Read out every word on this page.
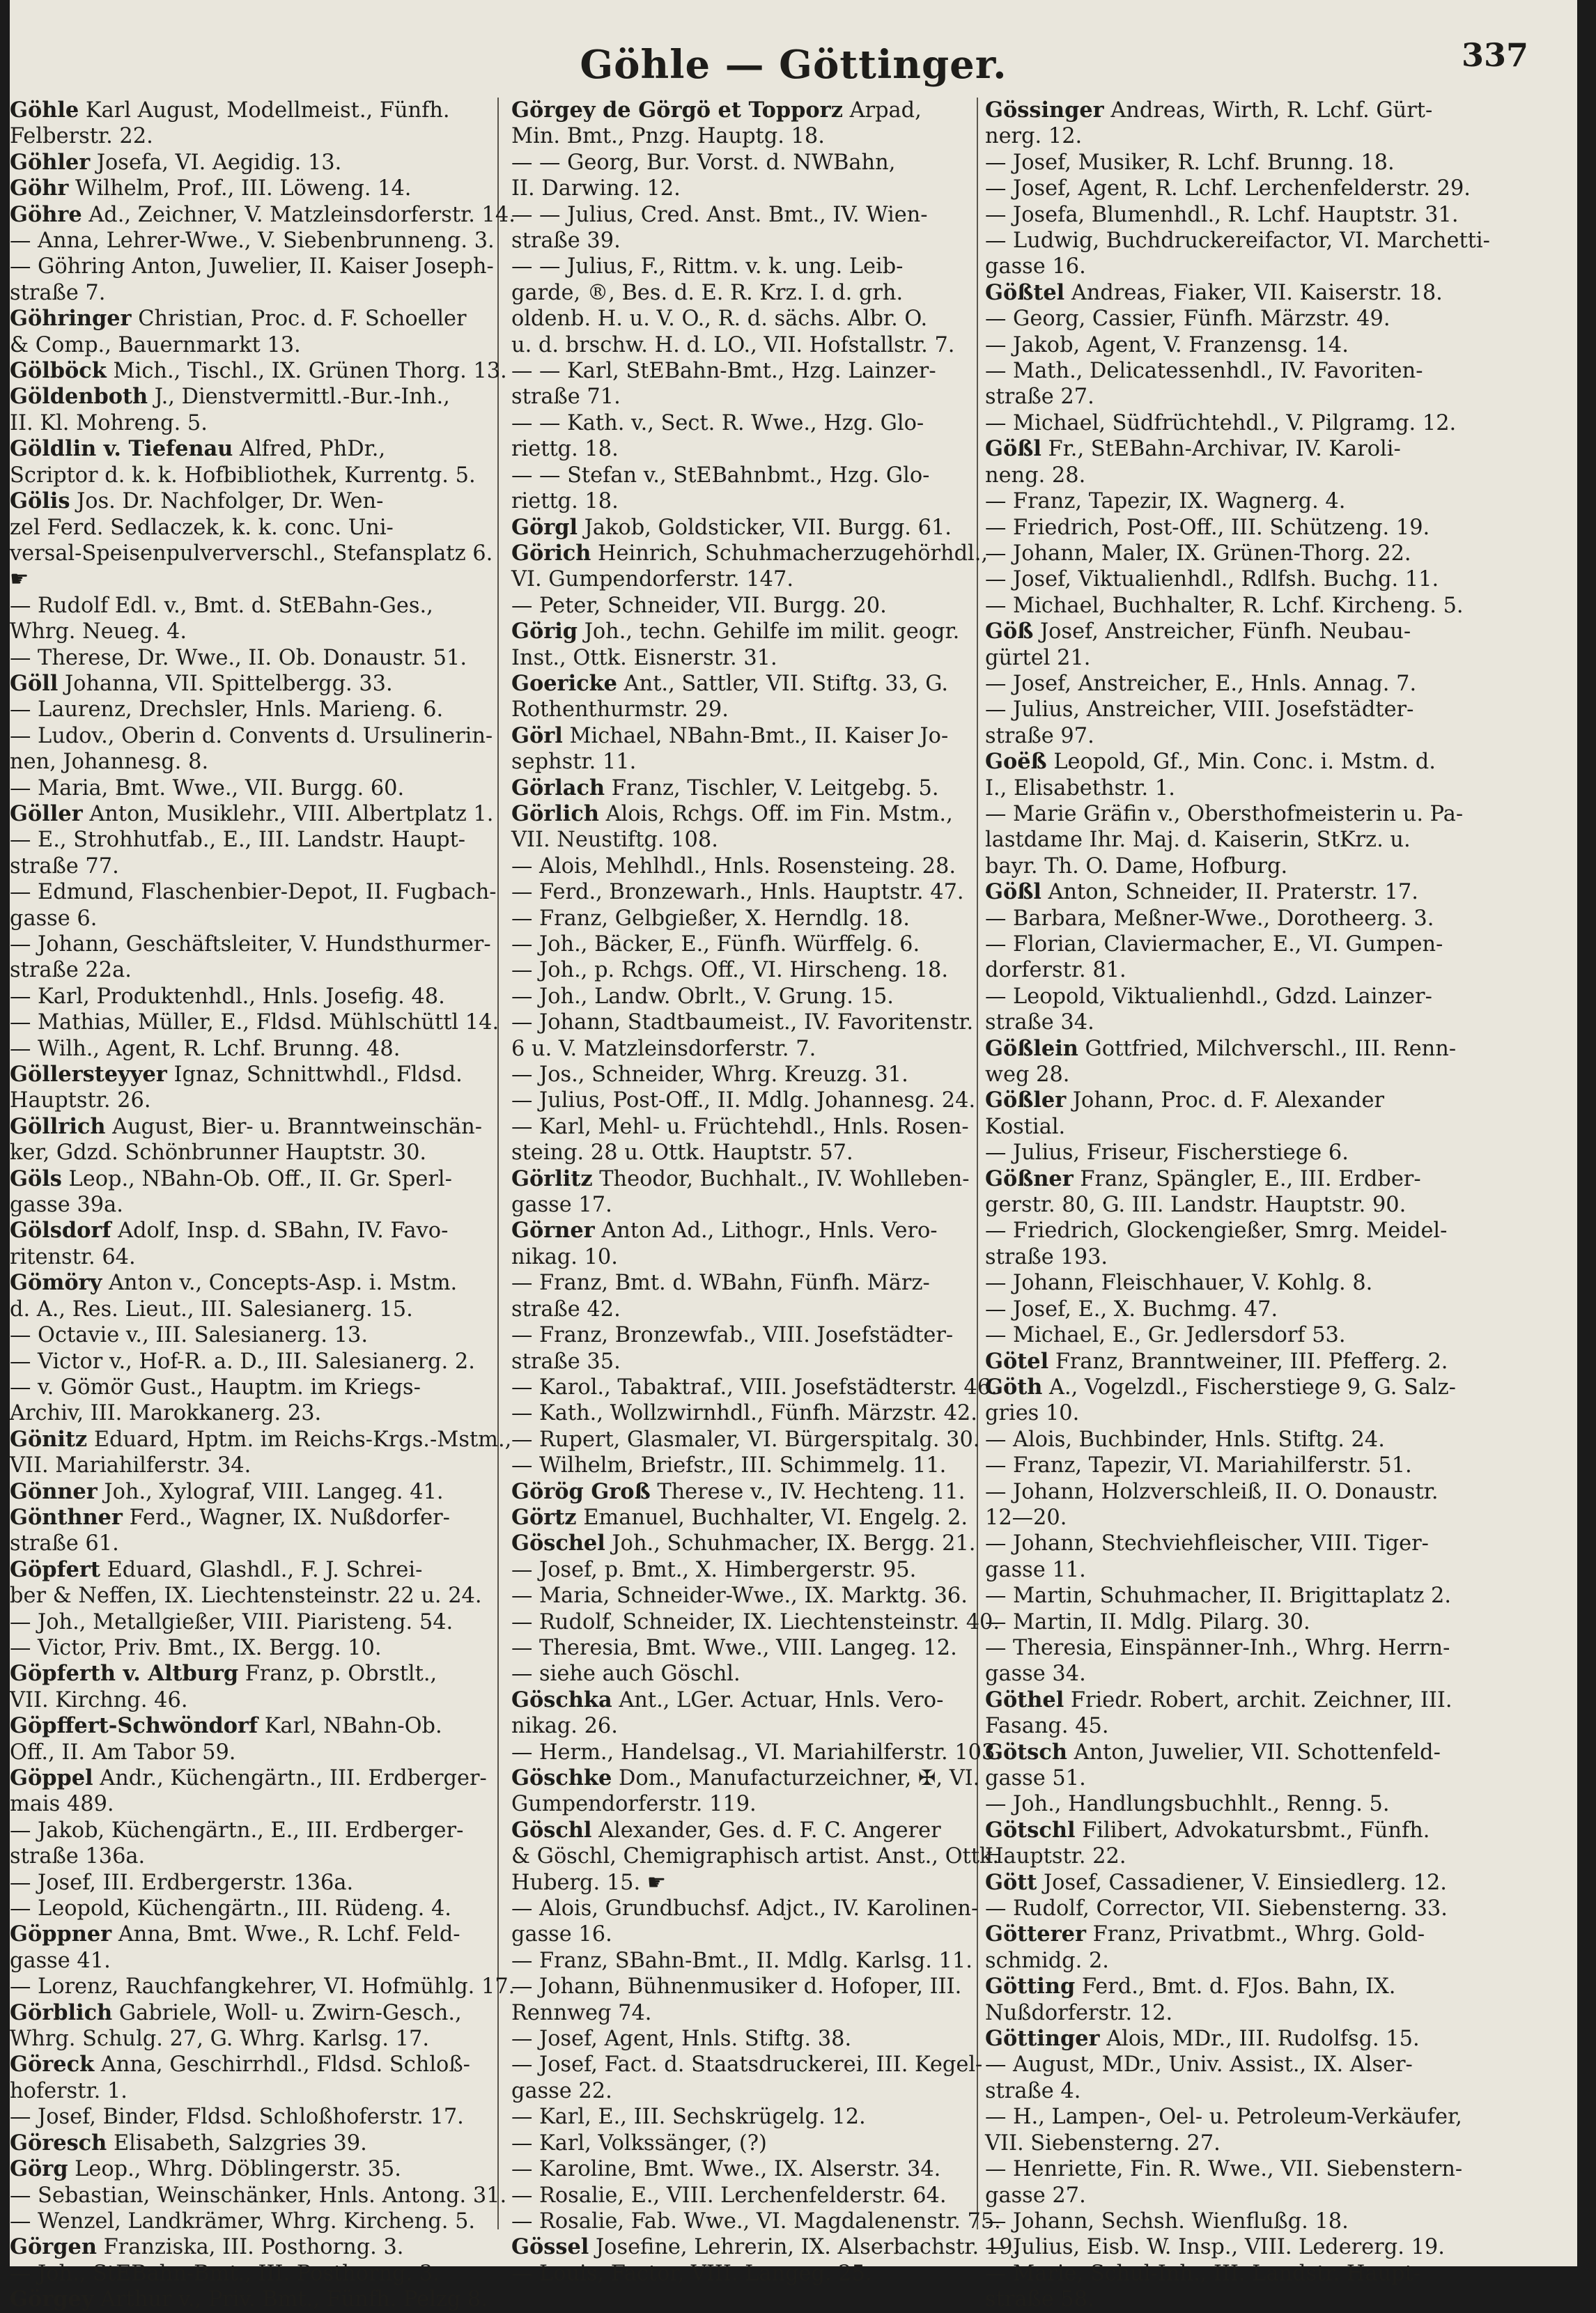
Göhle — Göttinger.	337
Göhle Karl August, Modellmeist., Fünfh.
Felberstr. 22.
Göhler Josefa, VI. Aegidig. 13.
Göhr Wilhelm, Prof., III. Löweng. 14.
Göhre Ad., Zeichner, V. Matzleinsdorferstr. 14.
— Anna, Lehrer-Wwe., V. Siebenbrunneng. 3.
— Göhring Anton, Juwelier, II. Kaiser Joseph-
straße 7.
Göhringer Christian, Proc. d. F. Schoeller
& Comp., Bauernmarkt 13.
Gölböck Mich., Tischl., IX. Grünen Thorg. 13.
Göldenboth J., Dienstvermittl.-Bur.-Inh.,
II. Kl. Mohreng. 5.
Göldlin v. Tiefenau Alfred, PhDr.,
Scriptor d. k. k. Hofbibliothek, Kurrentg. 5.
Gölis Jos. Dr. Nachfolger, Dr. Wen-
zel Ferd. Sedlaczek, k. k. conc. Uni-
versal-Speisenpulververschl., Stefansplatz 6.
☛
— Rudolf Edl. v., Bmt. d. StEBahn-Ges.,
Whrg. Neueg. 4.
— Therese, Dr. Wwe., II. Ob. Donaustr. 51.
Göll Johanna, VII. Spittelbergg. 33.
— Laurenz, Drechsler, Hnls. Marieng. 6.
— Ludov., Oberin d. Convents d. Ursulinerin-
nen, Johannesg. 8.
— Maria, Bmt. Wwe., VII. Burgg. 60.
Göller Anton, Musiklehr., VIII. Albertplatz 1.
— E., Strohhutfab., E., III. Landstr. Haupt-
straße 77.
— Edmund, Flaschenbier-Depot, II. Fugbach-
gasse 6.
— Johann, Geschäftsleiter, V. Hundsthurmer-
straße 22a.
— Karl, Produktenhdl., Hnls. Josefig. 48.
— Mathias, Müller, E., Fldsd. Mühlschüttl 14.
— Wilh., Agent, R. Lchf. Brunng. 48.
Göllersteyyer Ignaz, Schnittwhdl., Fldsd.
Hauptstr. 26.
Göllrich August, Bier- u. Branntweinschän-
ker, Gdzd. Schönbrunner Hauptstr. 30.
Göls Leop., NBahn-Ob. Off., II. Gr. Sperl-
gasse 39a.
Gölsdorf Adolf, Insp. d. SBahn, IV. Favo-
ritenstr. 64.
Gömöry Anton v., Concepts-Asp. i. Mstm.
d. A., Res. Lieut., III. Salesianerg. 15.
— Octavie v., III. Salesianerg. 13.
— Victor v., Hof-R. a. D., III. Salesianerg. 2.
— v. Gömör Gust., Hauptm. im Kriegs-
Archiv, III. Marokkanerg. 23.
Gönitz Eduard, Hptm. im Reichs-Krgs.-Mstm.,
VII. Mariahilferstr. 34.
Gönner Joh., Xylograf, VIII. Langeg. 41.
Gönthner Ferd., Wagner, IX. Nußdorfer-
straße 61.
Göpfert Eduard, Glashdl., F. J. Schrei-
ber & Neffen, IX. Liechtensteinstr. 22 u. 24.
— Joh., Metallgießer, VIII. Piaristeng. 54.
— Victor, Priv. Bmt., IX. Bergg. 10.
Göpferth v. Altburg Franz, p. Obrstlt.,
VII. Kirchng. 46.
Göpffert-Schwöndorf Karl, NBahn-Ob.
Off., II. Am Tabor 59.
Göppel Andr., Küchengärtn., III. Erdberger-
mais 489.
— Jakob, Küchengärtn., E., III. Erdberger-
straße 136a.
— Josef, III. Erdbergerstr. 136a.
— Leopold, Küchengärtn., III. Rüdeng. 4.
Göppner Anna, Bmt. Wwe., R. Lchf. Feld-
gasse 41.
— Lorenz, Rauchfangkehrer, VI. Hofmühlg. 17.
Görblich Gabriele, Woll- u. Zwirn-Gesch.,
Whrg. Schulg. 27, G. Whrg. Karlsg. 17.
Göreck Anna, Geschirrhdl., Fldsd. Schloß-
hoferstr. 1.
— Josef, Binder, Fldsd. Schloßhoferstr. 17.
Göresch Elisabeth, Salzgries 39.
Görg Leop., Whrg. Döblingerstr. 35.
— Sebastian, Weinschänker, Hnls. Antong. 31.
— Wenzel, Landkrämer, Whrg. Kircheng. 5.
Görgen Franziska, III. Posthorng. 3.
— Joh., StEBahn-Bmt., III. Posthorng. 3.
Görgey Arthur v., Priv. Bmt., Fünfh. Pelzg 8.
Görgey de Görgö et Topporz Arpad,
Min. Bmt., Pnzg. Hauptg. 18.
— — Georg, Bur. Vorst. d. NWBahn,
II. Darwing. 12.
— — Julius, Cred. Anst. Bmt., IV. Wien-
straße 39.
— — Julius, F., Rittm. v. k. ung. Leib-
garde, ®, Bes. d. E. R. Krz. I. d. grh.
oldenb. H. u. V. O., R. d. sächs. Albr. O.
u. d. brschw. H. d. LO., VII. Hofstallstr. 7.
— — Karl, StEBahn-Bmt., Hzg. Lainzer-
straße 71.
— — Kath. v., Sect. R. Wwe., Hzg. Glo-
riettg. 18.
— — Stefan v., StEBahnbmt., Hzg. Glo-
riettg. 18.
Görgl Jakob, Goldsticker, VII. Burgg. 61.
Görich Heinrich, Schuhmacherzugehörhdl.,
VI. Gumpendorferstr. 147.
— Peter, Schneider, VII. Burgg. 20.
Görig Joh., techn. Gehilfe im milit. geogr.
Inst., Ottk. Eisnerstr. 31.
Goericke Ant., Sattler, VII. Stiftg. 33, G.
Rothenthurmstr. 29.
Görl Michael, NBahn-Bmt., II. Kaiser Jo-
sephstr. 11.
Görlach Franz, Tischler, V. Leitgebg. 5.
Görlich Alois, Rchgs. Off. im Fin. Mstm.,
VII. Neustiftg. 108.
— Alois, Mehlhdl., Hnls. Rosensteing. 28.
— Ferd., Bronzewarh., Hnls. Hauptstr. 47.
— Franz, Gelbgießer, X. Herndlg. 18.
— Joh., Bäcker, E., Fünfh. Würffelg. 6.
— Joh., p. Rchgs. Off., VI. Hirscheng. 18.
— Joh., Landw. Obrlt., V. Grung. 15.
— Johann, Stadtbaumeist., IV. Favoritenstr.
6 u. V. Matzleinsdorferstr. 7.
— Jos., Schneider, Whrg. Kreuzg. 31.
— Julius, Post-Off., II. Mdlg. Johannesg. 24.
— Karl, Mehl- u. Früchtehdl., Hnls. Rosen-
steing. 28 u. Ottk. Hauptstr. 57.
Görlitz Theodor, Buchhalt., IV. Wohlleben-
gasse 17.
Görner Anton Ad., Lithogr., Hnls. Vero-
nikag. 10.
— Franz, Bmt. d. WBahn, Fünfh. März-
straße 42.
— Franz, Bronzewfab., VIII. Josefstädter-
straße 35.
— Karol., Tabaktraf., VIII. Josefstädterstr. 46.
— Kath., Wollzwirnhdl., Fünfh. Märzstr. 42.
— Rupert, Glasmaler, VI. Bürgerspitalg. 30.
— Wilhelm, Briefstr., III. Schimmelg. 11.
Görög Groß Therese v., IV. Hechteng. 11.
Görtz Emanuel, Buchhalter, VI. Engelg. 2.
Göschel Joh., Schuhmacher, IX. Bergg. 21.
— Josef, p. Bmt., X. Himbergerstr. 95.
— Maria, Schneider-Wwe., IX. Marktg. 36.
— Rudolf, Schneider, IX. Liechtensteinstr. 40.
— Theresia, Bmt. Wwe., VIII. Langeg. 12.
— siehe auch Göschl.
Göschka Ant., LGer. Actuar, Hnls. Vero-
nikag. 26.
— Herm., Handelsag., VI. Mariahilferstr. 103.
Göschke Dom., Manufacturzeichner, ✠, VI.
Gumpendorferstr. 119.
Göschl Alexander, Ges. d. F. C. Angerer
& Göschl, Chemigraphisch artist. Anst., Ottk.
Huberg. 15. ☛
— Alois, Grundbuchsf. Adjct., IV. Karolinen-
gasse 16.
— Franz, SBahn-Bmt., II. Mdlg. Karlsg. 11.
— Johann, Bühnenmusiker d. Hofoper, III.
Rennweg 74.
— Josef, Agent, Hnls. Stiftg. 38.
— Josef, Fact. d. Staatsdruckerei, III. Kegel-
gasse 22.
— Karl, E., III. Sechskrügelg. 12.
— Karl, Volkssänger, (?)
— Karoline, Bmt. Wwe., IX. Alserstr. 34.
— Rosalie, E., VIII. Lerchenfelderstr. 64.
— Rosalie, Fab. Wwe., VI. Magdalenenstr. 75.
Gössel Josefine, Lehrerin, IX. Alserbachstr. 19.
— Louis, Factor, VIII. Langeg. 25.
Gössinger Andreas, Wirth, R. Lchf. Gürt-
nerg. 12.
— Josef, Musiker, R. Lchf. Brunng. 18.
— Josef, Agent, R. Lchf. Lerchenfelderstr. 29.
— Josefa, Blumenhdl., R. Lchf. Hauptstr. 31.
— Ludwig, Buchdruckereifactor, VI. Marchetti-
gasse 16.
Gößtel Andreas, Fiaker, VII. Kaiserstr. 18.
— Georg, Cassier, Fünfh. Märzstr. 49.
— Jakob, Agent, V. Franzensg. 14.
— Math., Delicatessenhdl., IV. Favoriten-
straße 27.
— Michael, Südfrüchtehdl., V. Pilgramg. 12.
Gößl Fr., StEBahn-Archivar, IV. Karoli-
neng. 28.
— Franz, Tapezir, IX. Wagnerg. 4.
— Friedrich, Post-Off., III. Schützeng. 19.
— Johann, Maler, IX. Grünen-Thorg. 22.
— Josef, Viktualienhdl., Rdlfsh. Buchg. 11.
— Michael, Buchhalter, R. Lchf. Kircheng. 5.
Göß Josef, Anstreicher, Fünfh. Neubau-
gürtel 21.
— Josef, Anstreicher, E., Hnls. Annag. 7.
— Julius, Anstreicher, VIII. Josefstädter-
straße 97.
Goëß Leopold, Gf., Min. Conc. i. Mstm. d.
I., Elisabethstr. 1.
— Marie Gräfin v., Oberstho‌fmeisterin u. Pa-
lastdame Ihr. Maj. d. Kaiserin, StKrz. u.
bayr. Th. O. Dame, Hofburg.
Gößl Anton, Schneider, II. Praterstr. 17.
— Barbara, Meßner-Wwe., Dorotheerg. 3.
— Florian, Claviermacher, E., VI. Gumpen-
dorferstr. 81.
— Leopold, Viktualienhdl., Gdzd. Lainzer-
straße 34.
Gößlein Gottfried, Milchverschl., III. Renn-
weg 28.
Gößler Johann, Proc. d. F. Alexander
Kostial.
— Julius, Friseur, Fischerstiege 6.
Gößner Franz, Spängler, E., III. Erdber-
gerstr. 80, G. III. Landstr. Hauptstr. 90.
— Friedrich, Glockengießer, Smrg. Meidel-
straße 193.
— Johann, Fleischhauer, V. Kohlg. 8.
— Josef, E., X. Buchmg. 47.
— Michael, E., Gr. Jedlersdorf 53.
Götel Franz, Branntweiner, III. Pfefferg. 2.
Göth A., Vogelzdl., Fischerstiege 9, G. Salz-
gries 10.
— Alois, Buchbinder, Hnls. Stiftg. 24.
— Franz, Tapezir, VI. Mariahilferstr. 51.
— Johann, Holzverschleiß, II. O. Donaustr.
12—20.
— Johann, Stechviehfleischer, VIII. Tiger-
gasse 11.
— Martin, Schuhmacher, II. Brigittaplatz 2.
— Martin, II. Mdlg. Pilarg. 30.
— Theresia, Einspänner-Inh., Whrg. Herrn-
gasse 34.
Göthel Friedr. Robert, archit. Zeichner, III.
Fasang. 45.
Götsch Anton, Juwelier, VII. Schottenfeld-
gasse 51.
— Joh., Handlungsbuchhlt., Renng. 5.
Götschl Filibert, Advokatursbmt., Fünfh.
Hauptstr. 22.
Gött Josef, Cassadiener, V. Einsiedlerg. 12.
— Rudolf, Corrector, VII. Siebensterng. 33.
Götterer Franz, Privatbmt., Whrg. Gold-
schmidg. 2.
Götting Ferd., Bmt. d. FJos. Bahn, IX.
Nußdorferstr. 12.
Göttinger Alois, MDr., III. Rudolfsg. 15.
— August, MDr., Univ. Assist., IX. Alser-
straße 4.
— H., Lampen-, Oel- u. Petroleum-Verkäufer,
VII. Siebensterng. 27.
— Henriette, Fin. R. Wwe., VII. Siebenstern-
gasse 27.
— Johann, Sechsh. Wienflußg. 18.
— Julius, Eisb. W. Insp., VIII. Ledererg. 19.
— Marie, Schul-Inh., III. Landstr. Haupt-
straße 58.
